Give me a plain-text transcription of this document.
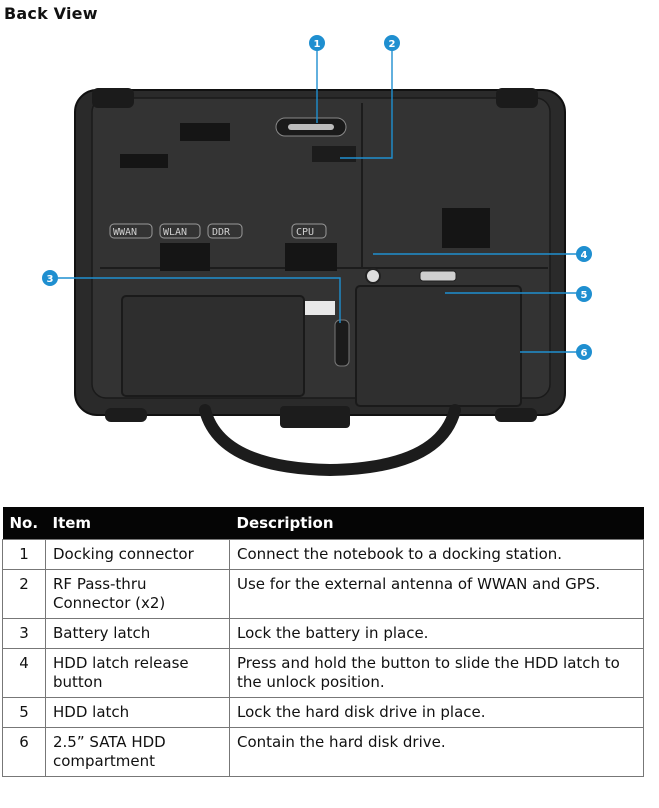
Back View
WWAN	WLAN DDR	CPU
1	2
3
4
5
6
No.	Item	Description
1	Docking connector	Connect the notebook to a docking station.
2	RF Pass-thru Connector (x2)	Use for the external antenna of WWAN and GPS.
3	Battery latch	Lock the battery in place.
4	HDD latch release button	Press and hold the button to slide the HDD latch to the unlock position.
5	HDD latch	Lock the hard disk drive in place.
6	2.5” SATA HDD compartment	Contain the hard disk drive.
